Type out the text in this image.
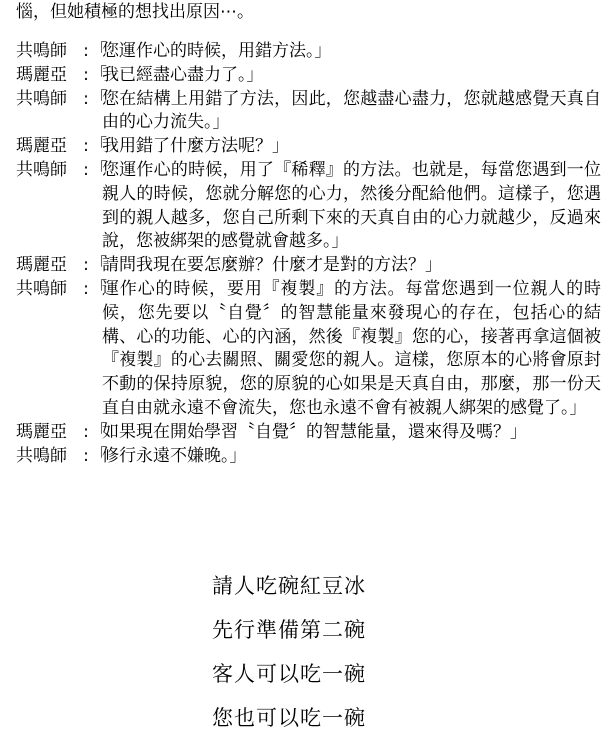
惱，但她積極的想找出原因⋯。
共鳴師 : 「
您運作心的時候，用錯方法。」
瑪麗亞 : 「
我已經盡心盡力了。」
共鳴師 : 「
您在結構上用錯了方法，因此，您越盡心盡力，您就越感覺天真自由的心力流失。」
瑪麗亞 : 「
我用錯了什麼方法呢？」
共鳴師 : 「
您運作心的時候，用了『稀釋』的方法。也就是，每當您遇到一位親人的時候，您就分解您的心力，然後分配給他們。這樣子，您遇到的親人越多，您自己所剩下來的天真自由的心力就越少，反過來說，您被綁架的感覺就會越多。」
瑪麗亞 : 「
請問我現在要怎麼辦？什麼才是對的方法？」
共鳴師 : 「
運作心的時候，要用『複製』的方法。每當您遇到一位親人的時候，您先要以〝自覺〞的智慧能量來發現心的存在，包括心的結構、心的功能、心的內涵，然後『複製』您的心，接著再拿這個被『複製』的心去關照、關愛您的親人。這樣，您原本的心將會原封不動的保持原貌，您的原貌的心如果是天真自由，那麼，那一份天直自由就永遠不會流失，您也永遠不會有被親人綁架的感覺了。」
瑪麗亞 : 「
如果現在開始學習〝自覺〞的智慧能量，還來得及嗎？」
共鳴師 : 「
修行永遠不嫌晚。」
請人吃碗紅豆冰
先行準備第二碗
客人可以吃一碗
您也可以吃一碗
